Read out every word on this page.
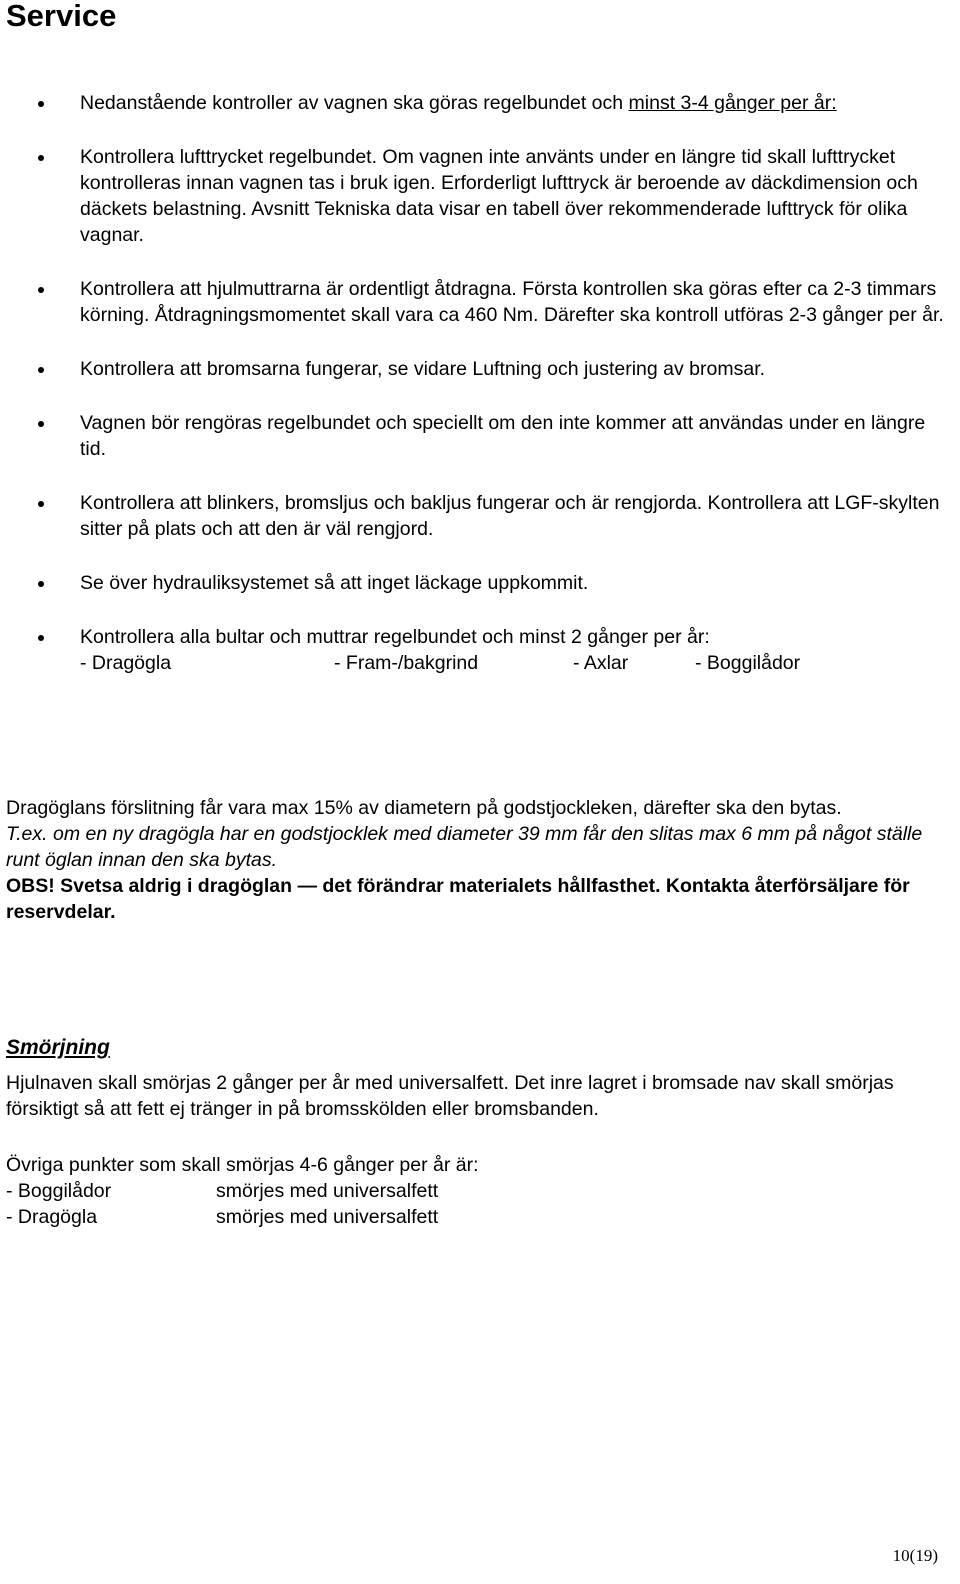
Service
Nedanstående kontroller av vagnen ska göras regelbundet och minst 3-4 gånger per år:
Kontrollera lufttrycket regelbundet. Om vagnen inte använts under en längre tid skall lufttrycket kontrolleras innan vagnen tas i bruk igen. Erforderligt lufttryck är beroende av däckdimension och däckets belastning. Avsnitt Tekniska data visar en tabell över rekommenderade lufttryck för olika vagnar.
Kontrollera att hjulmuttrarna är ordentligt åtdragna. Första kontrollen ska göras efter ca 2-3 timmars körning. Åtdragningsmomentet skall vara ca 460 Nm. Därefter ska kontroll utföras 2-3 gånger per år.
Kontrollera att bromsarna fungerar, se vidare Luftning och justering av bromsar.
Vagnen bör rengöras regelbundet och speciellt om den inte kommer att användas under en längre tid.
Kontrollera att blinkers, bromsljus och bakljus fungerar och är rengjorda. Kontrollera att LGF-skylten sitter på plats och att den är väl rengjord.
Se över hydrauliksystemet så att inget läckage uppkommit.
Kontrollera alla bultar och muttrar regelbundet och minst 2 gånger per år:
- Dragögla	- Fram-/bakgrind	- Axlar	- Boggilådor

Dragöglans förslitning får vara max 15% av diametern på godstjockleken, därefter ska den bytas.

T.ex. om en ny dragögla har en godstjocklek med diameter 39 mm får den slitas max 6 mm på något ställe runt öglan innan den ska bytas.

OBS! Svetsa aldrig i dragöglan — det förändrar materialets hållfasthet. Kontakta återförsäljare för reservdelar.

Smörjning

Hjulnaven skall smörjas 2 gånger per år med universalfett. Det inre lagret i bromsade nav skall smörjas försiktigt så att fett ej tränger in på bromsskölden eller bromsbanden.

Övriga punkter som skall smörjas 4-6 gånger per år är:

- Boggilådor	smörjes med universalfett
- Dragögla	smörjes med universalfett
10(19)
